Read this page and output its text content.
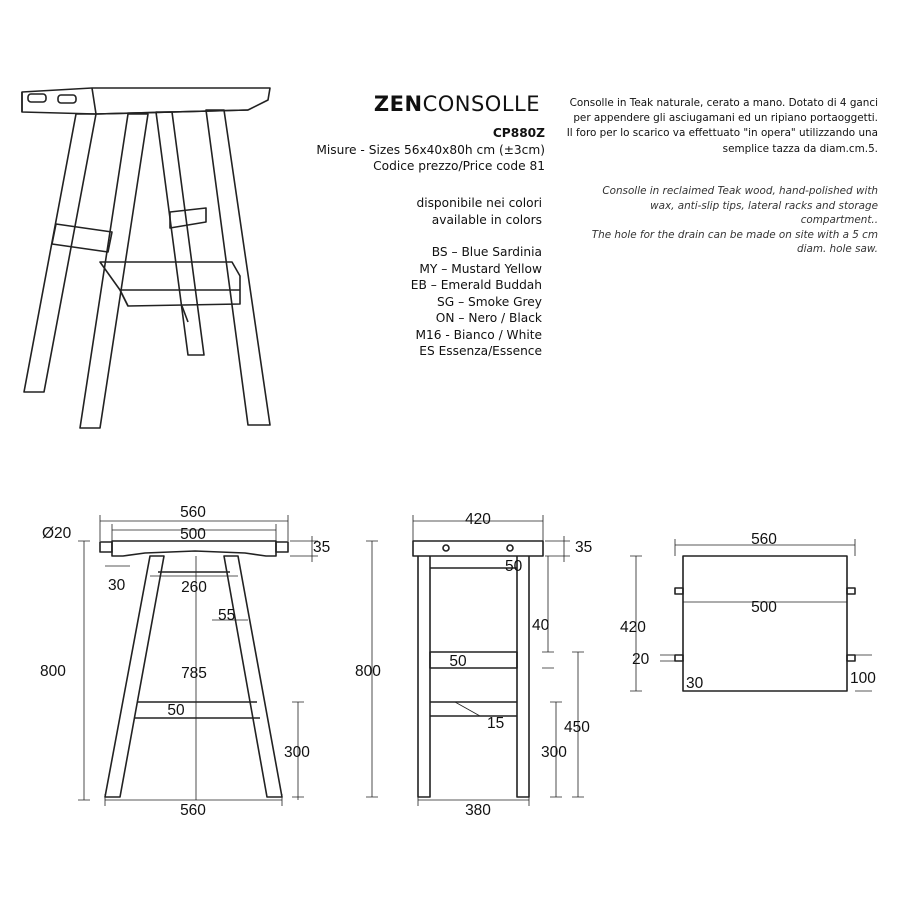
ZENCONSOLLE
CP880Z
Misure - Sizes 56x40x80h cm (±3cm)
Codice prezzo/Price code 81
disponibile nei colori
available in colors
BS – Blue Sardinia
MY – Mustard Yellow
EB – Emerald Buddah
SG – Smoke Grey
ON – Nero / Black
M16 - Bianco / White
ES Essenza/Essence
Consolle in Teak naturale, cerato a mano. Dotato di 4 ganci per appendere gli asciugamani ed un ripiano portaoggetti. Il foro per lo scarico va effettuato "in opera" utilizzando una semplice tazza da diam.cm.5.
Consolle in reclaimed Teak wood, hand-polished with
wax, anti-slip tips, lateral racks and storage
compartment..
The hole for the drain can be made on site with a 5 cm
diam. hole saw.
560
500
Ø20
35
30	260
55
800	785
50
300
560
420
35
50
40
50
800
15	450
300
380
560
500
420
20
30	100
